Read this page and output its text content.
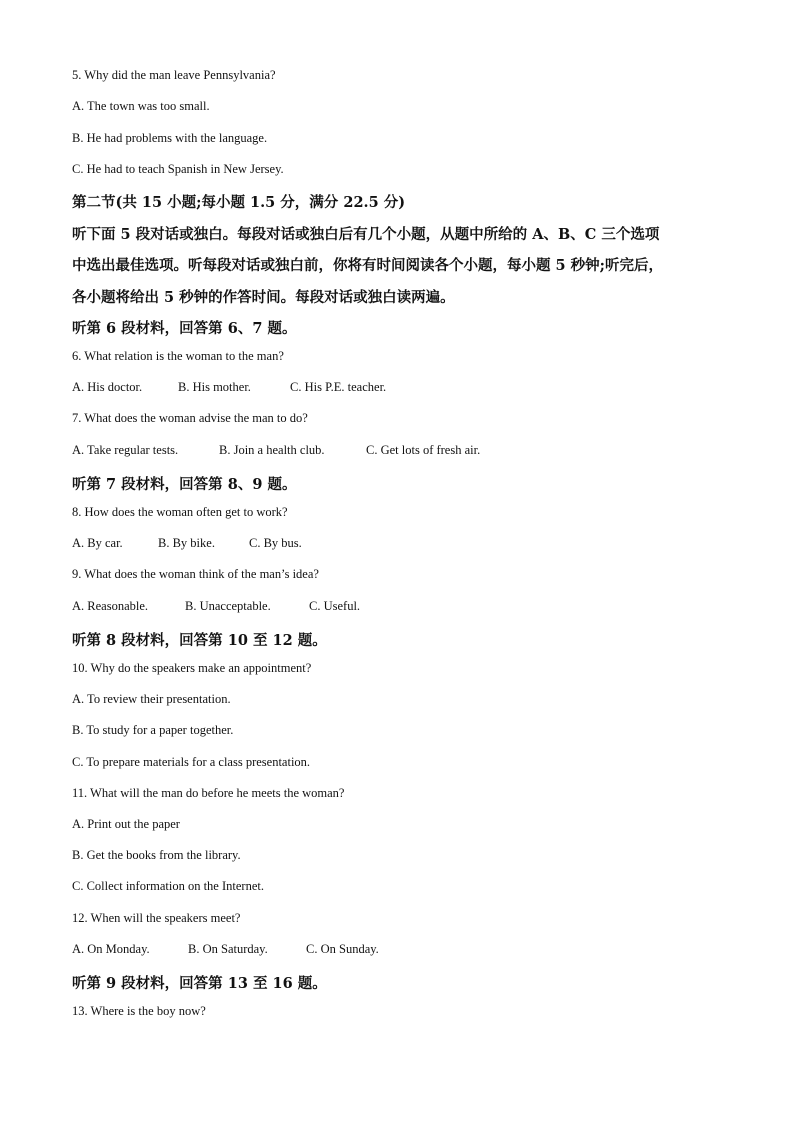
5. Why did the man leave Pennsylvania?

A. The town was too small.

B. He had problems with the language.

C. He had to teach Spanish in New Jersey.

第二节(共 15 小题;每小题 1.5 分，满分 22.5 分)

听下面 5 段对话或独白。每段对话或独白后有几个小题，从题中所给的 A、B、C 三个选项

中选出最佳选项。听每段对话或独白前，你将有时间阅读各个小题，每小题 5 秒钟;听完后，

各小题将给出 5 秒钟的作答时间。每段对话或独白读两遍。

听第 6 段材料，回答第 6、7 题。

6. What relation is the woman to the man?

A. His doctor.	B. His mother.	C. His P.E. teacher.

7. What does the woman advise the man to do?

A. Take regular tests.	B. Join a health club.	C. Get lots of fresh air.

听第 7 段材料，回答第 8、9 题。

8. How does the woman often get to work?

A. By car.	B. By bike.	C. By bus.

9. What does the woman think of the man’s idea?

A. Reasonable.	B. Unacceptable.	C. Useful.

听第 8 段材料，回答第 10 至 12 题。

10. Why do the speakers make an appointment?

A. To review their presentation.

B. To study for a paper together.

C. To prepare materials for a class presentation.

11. What will the man do before he meets the woman?

A. Print out the paper

B. Get the books from the library.

C. Collect information on the Internet.

12. When will the speakers meet?

A. On Monday.	B. On Saturday.	C. On Sunday.

听第 9 段材料，回答第 13 至 16 题。

13. Where is the boy now?
